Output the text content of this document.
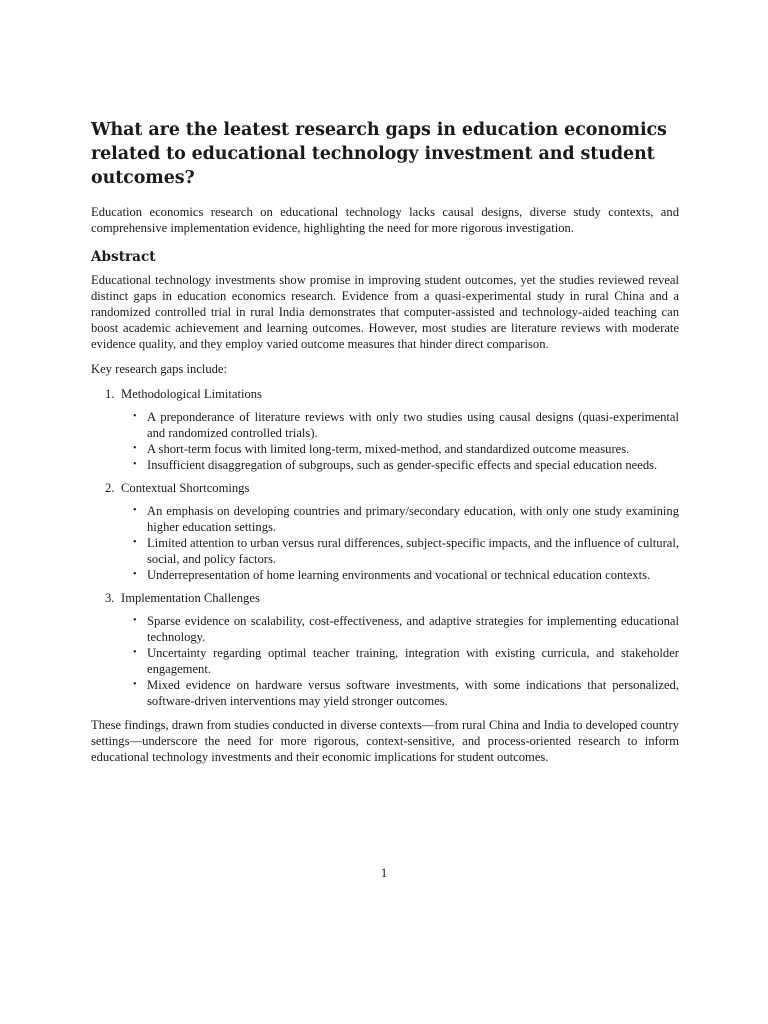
What are the leatest research gaps in education economics related to educational technology investment and student outcomes?

Education economics research on educational technology lacks causal designs, diverse study contexts, and comprehensive implementation evidence, highlighting the need for more rigorous investigation.

Abstract

Educational technology investments show promise in improving student outcomes, yet the studies reviewed reveal distinct gaps in education economics research. Evidence from a quasi-experimental study in rural China and a randomized controlled trial in rural India demonstrates that computer-assisted and technology-aided teaching can boost academic achievement and learning outcomes. However, most studies are literature reviews with moderate evidence quality, and they employ varied outcome measures that hinder direct comparison.

Key research gaps include:

1. Methodological Limitations
• A preponderance of literature reviews with only two studies using causal designs (quasi-experimental and randomized controlled trials).
• A short-term focus with limited long-term, mixed-method, and standardized outcome measures.
• Insufficient disaggregation of subgroups, such as gender-specific effects and special education needs.
2. Contextual Shortcomings
• An emphasis on developing countries and primary/secondary education, with only one study examining higher education settings.
• Limited attention to urban versus rural differences, subject-specific impacts, and the influence of cultural, social, and policy factors.
• Underrepresentation of home learning environments and vocational or technical education contexts.
3. Implementation Challenges
• Sparse evidence on scalability, cost-effectiveness, and adaptive strategies for implementing educational technology.
• Uncertainty regarding optimal teacher training, integration with existing curricula, and stakeholder engagement.
• Mixed evidence on hardware versus software investments, with some indications that personalized, software-driven interventions may yield stronger outcomes.

These findings, drawn from studies conducted in diverse contexts—from rural China and India to developed country settings—underscore the need for more rigorous, context-sensitive, and process-oriented research to inform educational technology investments and their economic implications for student outcomes.

1
